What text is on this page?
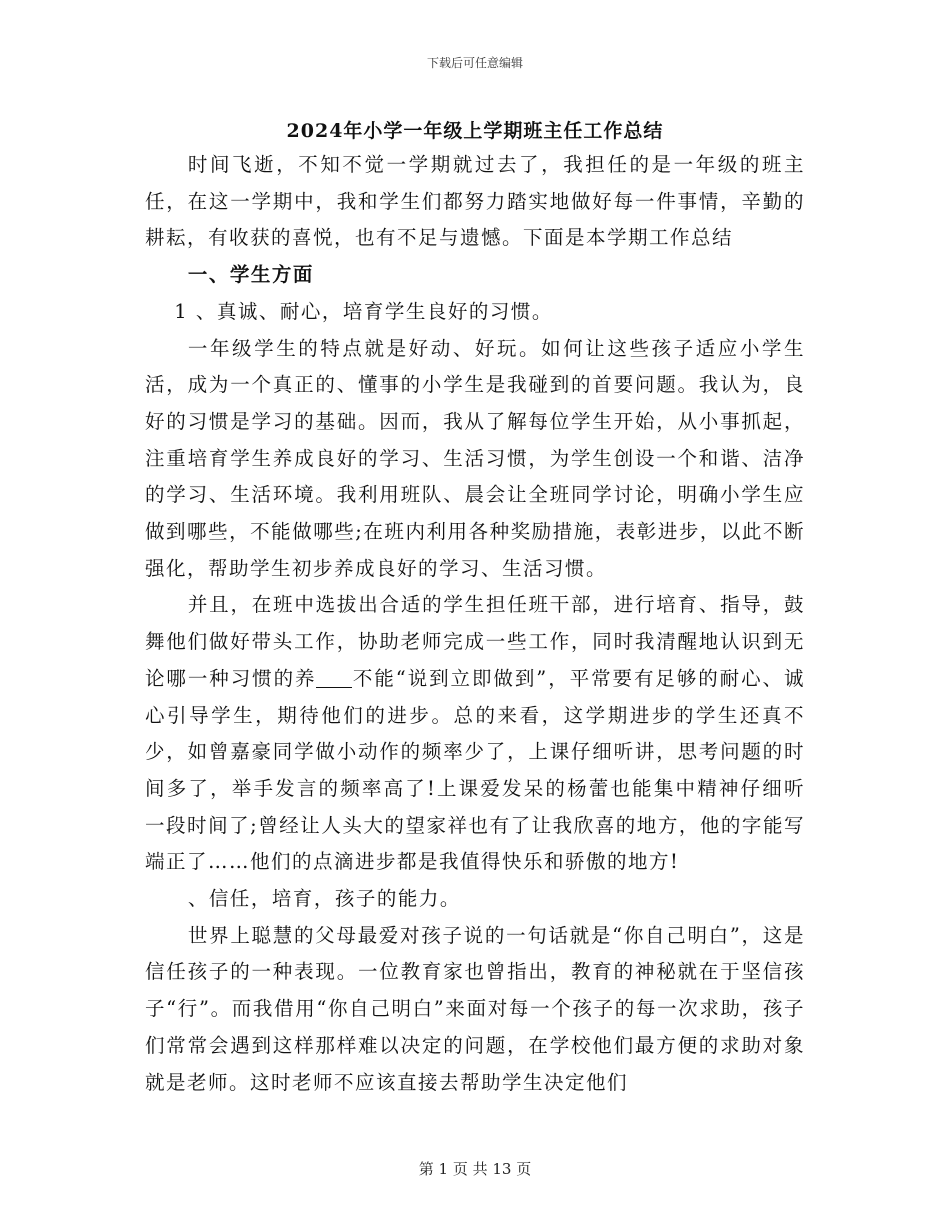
下载后可任意编辑
2024年小学一年级上学期班主任工作总结

时间飞逝，不知不觉一学期就过去了，我担任的是一年级的班主任，在这一学期中，我和学生们都努力踏实地做好每一件事情，辛勤的耕耘，有收获的喜悦，也有不足与遗憾。下面是本学期工作总结

一、学生方面

1 、真诚、耐心，培育学生良好的习惯。

一年级学生的特点就是好动、好玩。如何让这些孩子适应小学生活，成为一个真正的、懂事的小学生是我碰到的首要问题。我认为，良好的习惯是学习的基础。因而，我从了解每位学生开始，从小事抓起，注重培育学生养成良好的学习、生活习惯，为学生创设一个和谐、洁净的学习、生活环境。我利用班队、晨会让全班同学讨论，明确小学生应做到哪些，不能做哪些;在班内利用各种奖励措施，表彰进步，以此不断强化，帮助学生初步养成良好的学习、生活习惯。

并且，在班中选拔出合适的学生担任班干部，进行培育、指导，鼓舞他们做好带头工作，协助老师完成一些工作，同时我清醒地认识到无论哪一种习惯的养 不能“说到立即做到”，平常要有足够的耐心、诚心引导学生，期待他们的进步。总的来看，这学期进步的学生还真不少，如曾嘉豪同学做小动作的频率少了，上课仔细听讲，思考问题的时间多了，举手发言的频率高了!上课爱发呆的杨蕾也能集中精神仔细听一段时间了;曾经让人头大的望家祥也有了让我欣喜的地方，他的字能写端正了……他们的点滴进步都是我值得快乐和骄傲的地方!

、信任，培育，孩子的能力。

世界上聪慧的父母最爱对孩子说的一句话就是“你自己明白”，这是信任孩子的一种表现。一位教育家也曾指出，教育的神秘就在于坚信孩子“行”。而我借用“你自己明白”来面对每一个孩子的每一次求助，孩子们常常会遇到这样那样难以决定的问题，在学校他们最方便的求助对象就是老师。这时老师不应该直接去帮助学生决定他们

第 1 页 共 13 页
